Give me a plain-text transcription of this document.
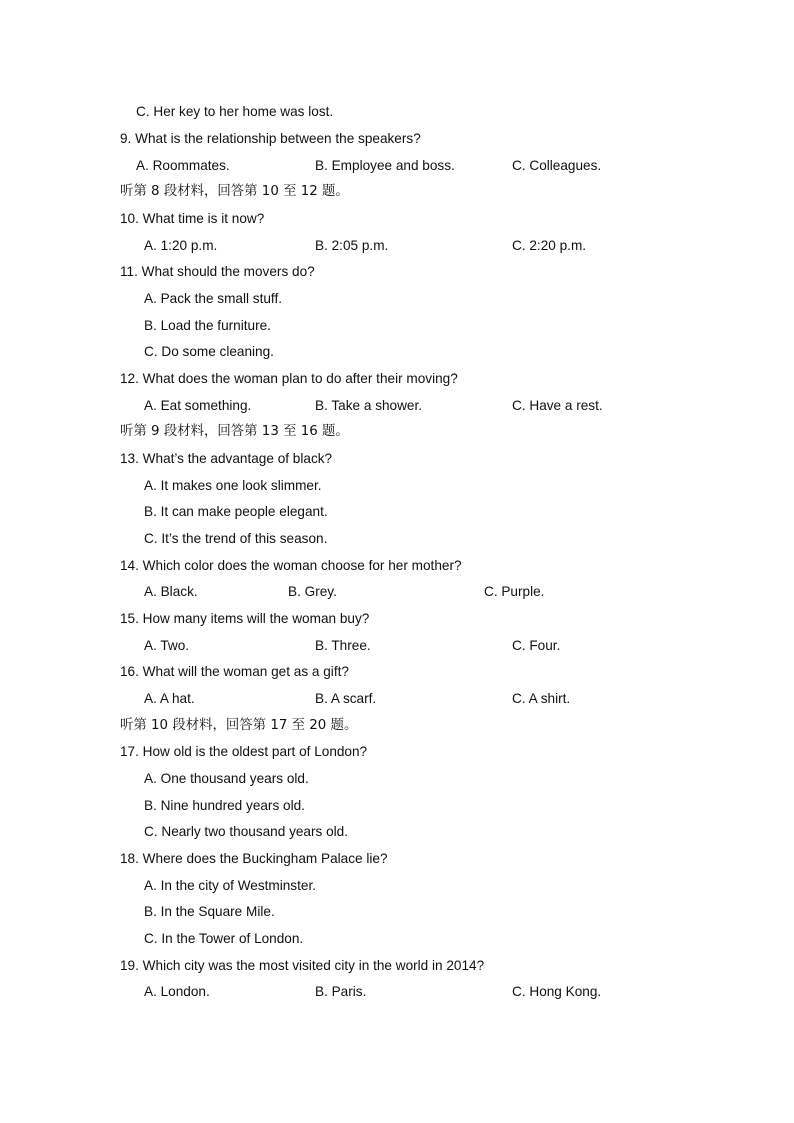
C. Her key to her home was lost.
9. What is the relationship between the speakers?
A. Roommates.	B. Employee and boss.	C. Colleagues.
听第 8 段材料，回答第 10 至 12 题。
10. What time is it now?
A. 1:20 p.m.	B. 2:05 p.m.	C. 2:20 p.m.
11. What should the movers do?
A. Pack the small stuff.
B. Load the furniture.
C. Do some cleaning.
12. What does the woman plan to do after their moving?
A. Eat something.	B. Take a shower.	C. Have a rest.
听第 9 段材料，回答第 13 至 16 题。
13. What’s the advantage of black?
A. It makes one look slimmer.
B. It can make people elegant.
C. It’s the trend of this season.
14. Which color does the woman choose for her mother?
A. Black.	B. Grey.	C. Purple.
15. How many items will the woman buy?
A. Two.	B. Three.	C. Four.
16. What will the woman get as a gift?
A. A hat.	B. A scarf.	C. A shirt.
听第 10 段材料，回答第 17 至 20 题。
17. How old is the oldest part of London?
A. One thousand years old.
B. Nine hundred years old.
C. Nearly two thousand years old.
18. Where does the Buckingham Palace lie?
A. In the city of Westminster.
B. In the Square Mile.
C. In the Tower of London.
19. Which city was the most visited city in the world in 2014?
A. London.	B. Paris.	C. Hong Kong.
